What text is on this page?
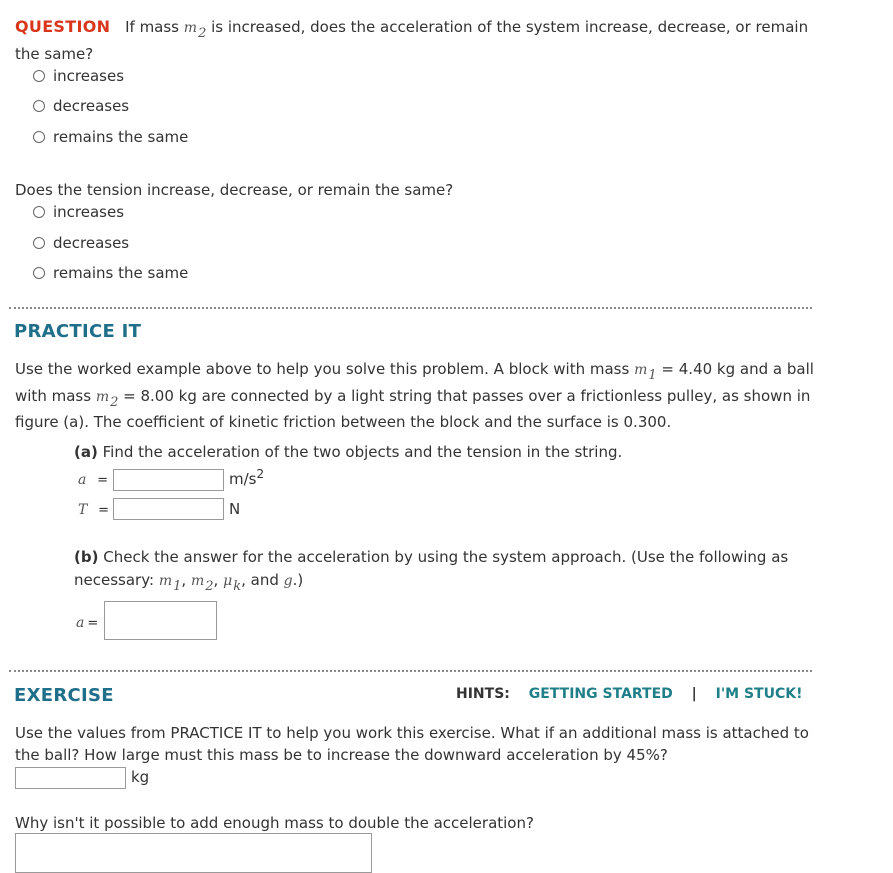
QUESTION If mass m2 is increased, does the acceleration of the system increase, decrease, or remain
the same?
increases
decreases
remains the same
Does the tension increase, decrease, or remain the same?
increases
decreases
remains the same
PRACTICE IT
Use the worked example above to help you solve this problem. A block with mass m1 = 4.40 kg and a ball
with mass m2 = 8.00 kg are connected by a light string that passes over a frictionless pulley, as shown in
figure (a). The coefficient of kinetic friction between the block and the surface is 0.300.
(a) Find the acceleration of the two objects and the tension in the string.
a =	$m/s^2$
T =	N
(b) Check the answer for the acceleration by using the system approach. (Use the following as
necessary: m1, m2, μk, and g.)
a =
EXERCISE	HINTS: GETTING STARTED | I'M STUCK!
Use the values from PRACTICE IT to help you work this exercise. What if an additional mass is attached to
the ball? How large must this mass be to increase the downward acceleration by 45%?
kg
Why isn't it possible to add enough mass to double the acceleration?
